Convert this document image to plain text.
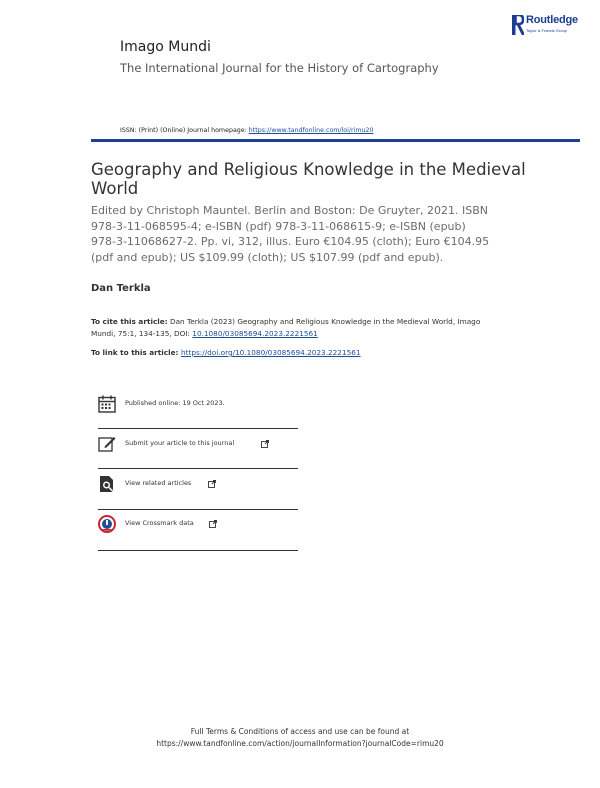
Routledge
Taylor & Francis Group
Imago Mundi
The International Journal for the History of Cartography
ISSN: (Print) (Online) Journal homepage: https://www.tandfonline.com/loi/rimu20
Geography and Religious Knowledge in the Medieval World
Edited by Christoph Mauntel. Berlin and Boston: De Gruyter, 2021. ISBN 978-3-11-068595-4; e-ISBN (pdf) 978-3-11-068615-9; e-ISBN (epub) 978-3-11068627-2. Pp. vi, 312, illus. Euro €104.95 (cloth); Euro €104.95 (pdf and epub); US $109.99 (cloth); US $107.99 (pdf and epub).
Dan Terkla
To cite this article: Dan Terkla (2023) Geography and Religious Knowledge in the Medieval World, Imago Mundi, 75:1, 134-135, DOI: 10.1080/03085694.2023.2221561
To link to this article: https://doi.org/10.1080/03085694.2023.2221561
Published online: 19 Oct 2023.
Submit your article to this journal
View related articles
View Crossmark data
Full Terms & Conditions of access and use can be found at
https://www.tandfonline.com/action/journalInformation?journalCode=rimu20
